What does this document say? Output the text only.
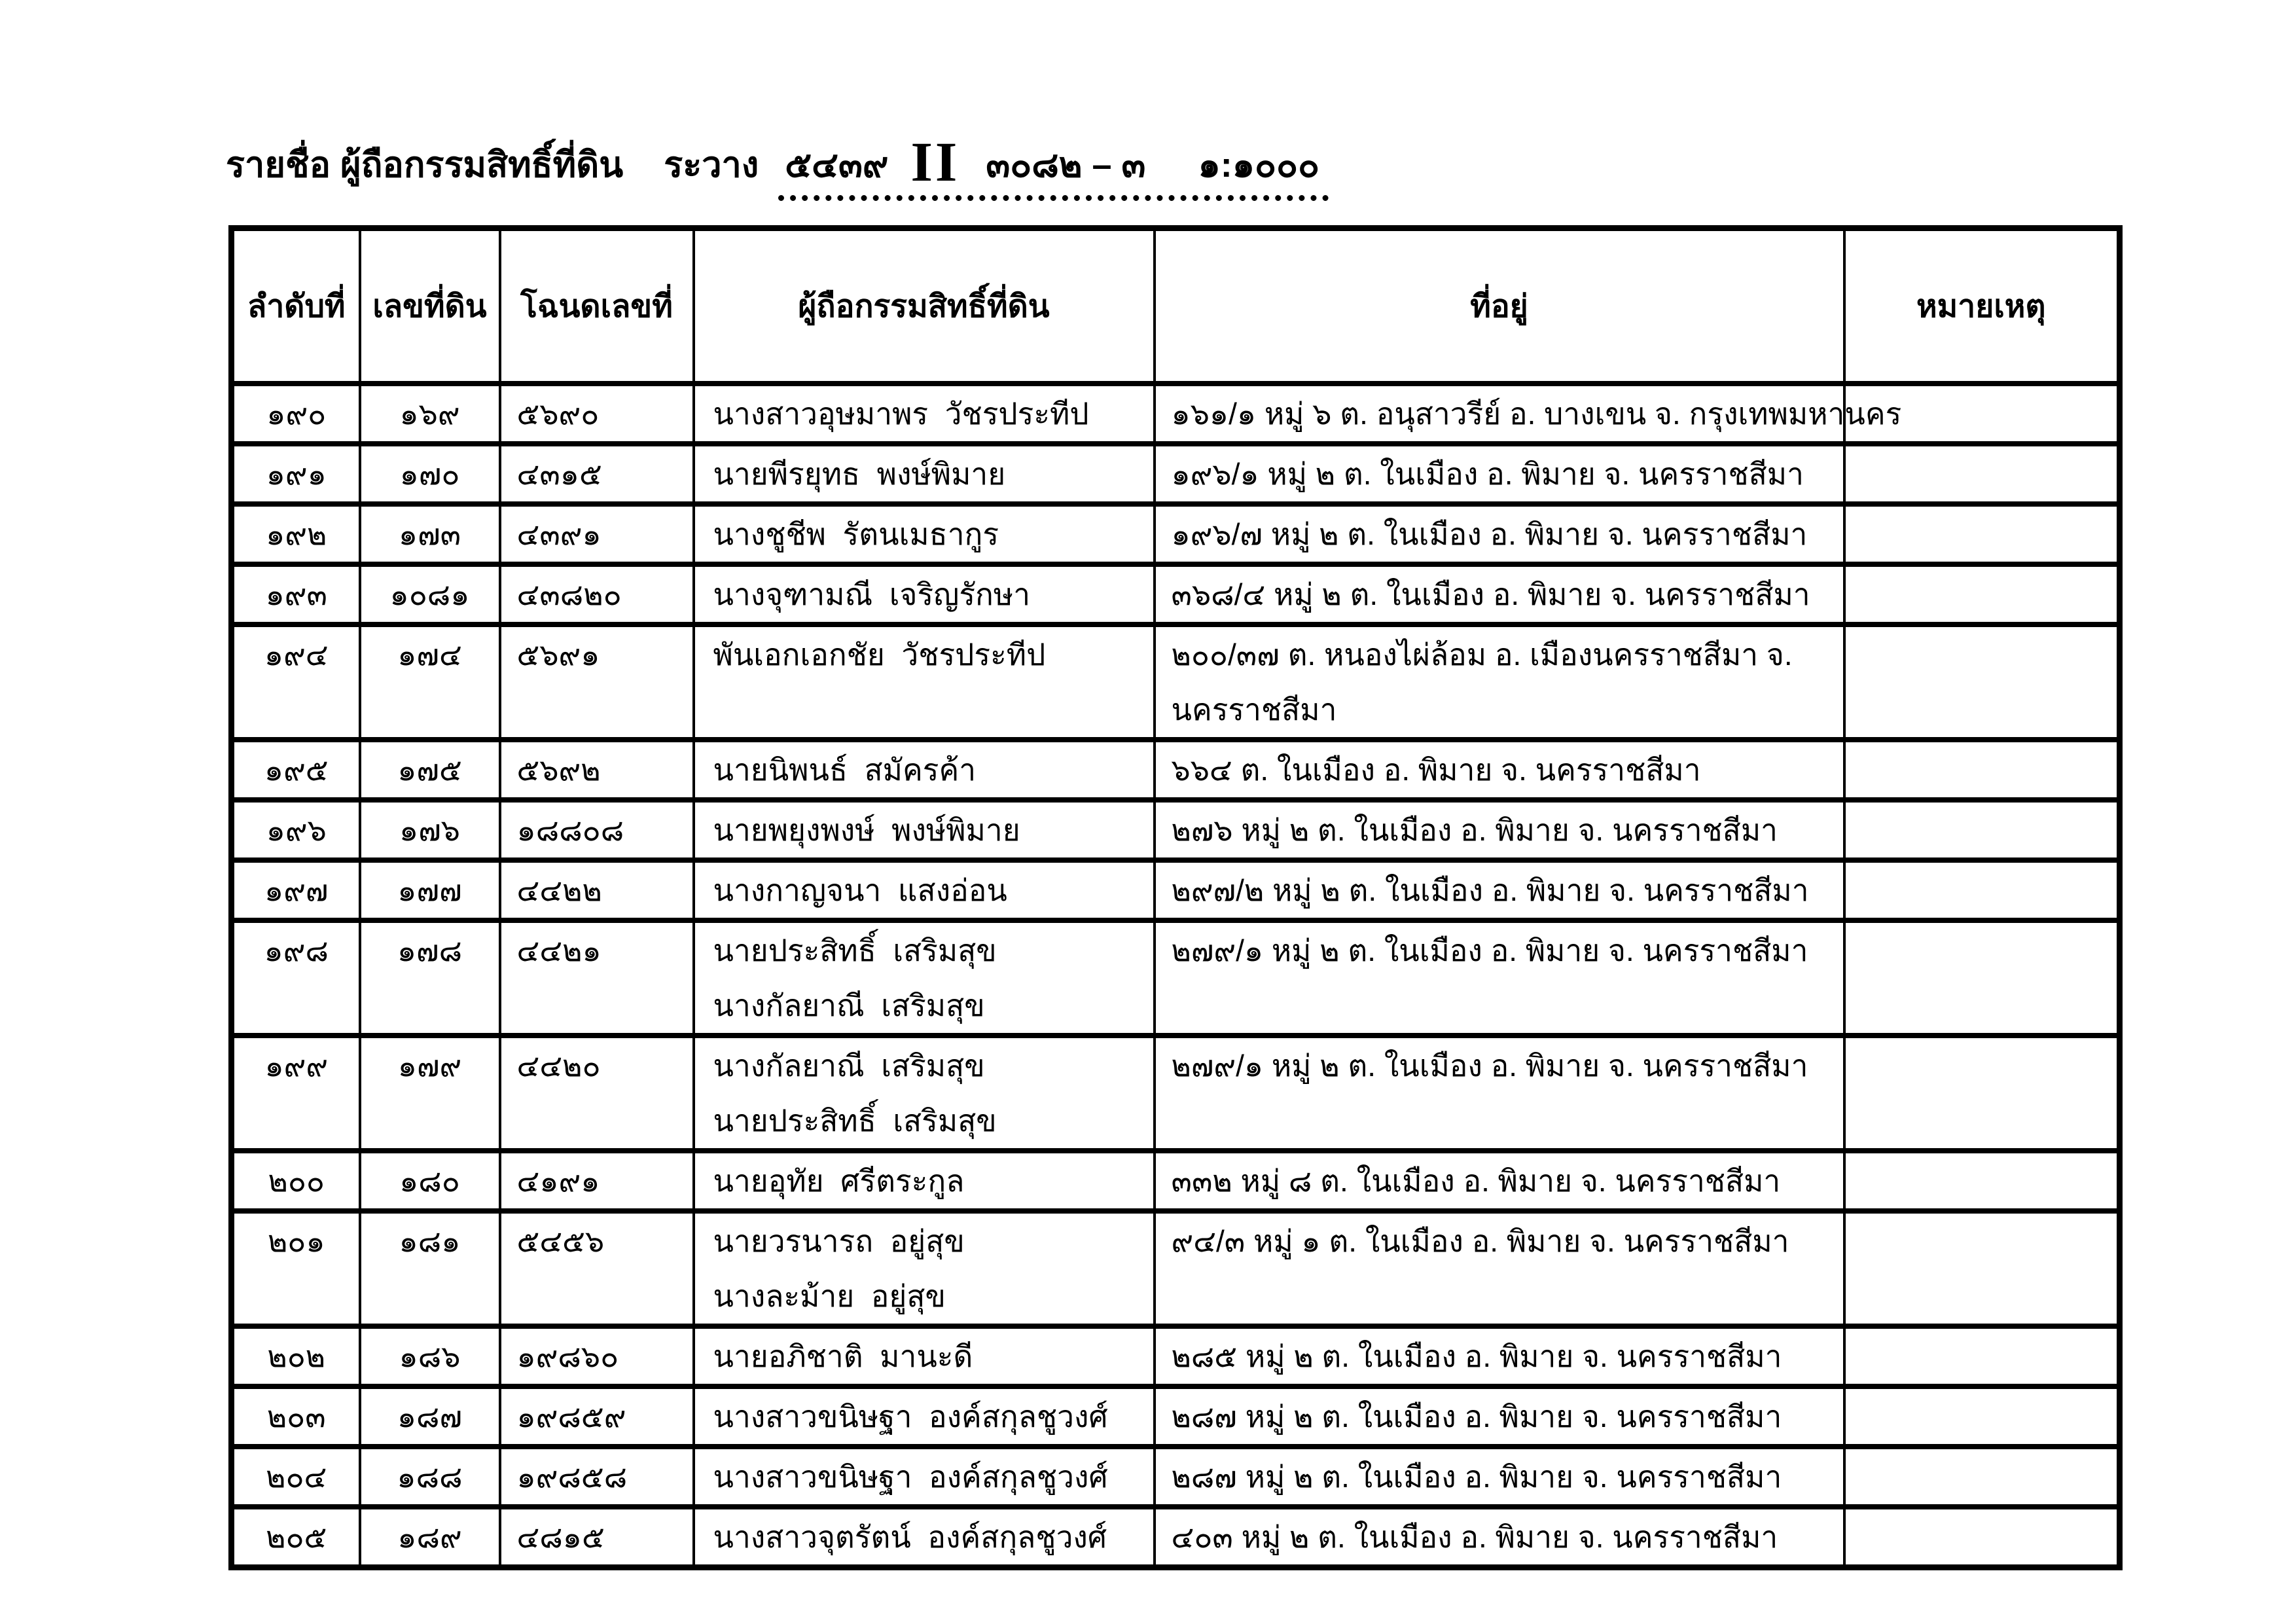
รายชื่อ ผู้ถือกรรมสิทธิ์ที่ดิน ระวาง ๕๔๓๙ II ๓๐๘๒ – ๓ ๑:๑๐๐๐
ลำดับที่	เลขที่ดิน	โฉนดเลขที่	ผู้ถือกรรมสิทธิ์ที่ดิน	ที่อยู่	หมายเหตุ

๑๙๐	๑๖๙	๕๖๙๐	นางสาวอุษมาพร  วัชรประทีป	๑๖๑/๑ หมู่ ๖ ต. อนุสาวรีย์ อ. บางเขน จ. กรุงเทพมหานคร	

๑๙๑	๑๗๐	๔๓๑๕	นายพีรยุทธ  พงษ์พิมาย	๑๙๖/๑ หมู่ ๒ ต. ในเมือง อ. พิมาย จ. นครราชสีมา	

๑๙๒	๑๗๓	๔๓๙๑	นางชูชีพ  รัตนเมธากูร	๑๙๖/๗ หมู่ ๒ ต. ในเมือง อ. พิมาย จ. นครราชสีมา	

๑๙๓	๑๐๘๑	๔๓๘๒๐	นางจุฑามณี  เจริญรักษา	๓๖๘/๔ หมู่ ๒ ต. ในเมือง อ. พิมาย จ. นครราชสีมา	

๑๙๔	๑๗๔	๕๖๙๑	พันเอกเอกชัย  วัชรประทีป	๒๐๐/๓๗ ต. หนองไผ่ล้อม อ. เมืองนครราชสีมา จ.
นครราชสีมา	

๑๙๕	๑๗๕	๕๖๙๒	นายนิพนธ์  สมัครค้า	๖๖๔ ต. ในเมือง อ. พิมาย จ. นครราชสีมา	

๑๙๖	๑๗๖	๑๘๘๐๘	นายพยุงพงษ์  พงษ์พิมาย	๒๗๖ หมู่ ๒ ต. ในเมือง อ. พิมาย จ. นครราชสีมา	

๑๙๗	๑๗๗	๔๔๒๒	นางกาญจนา  แสงอ่อน	๒๙๗/๒ หมู่ ๒ ต. ในเมือง อ. พิมาย จ. นครราชสีมา	

๑๙๘	๑๗๘	๔๔๒๑	นายประสิทธิ์  เสริมสุข
นางกัลยาณี  เสริมสุข	๒๗๙/๑ หมู่ ๒ ต. ในเมือง อ. พิมาย จ. นครราชสีมา	

๑๙๙	๑๗๙	๔๔๒๐	นางกัลยาณี  เสริมสุข
นายประสิทธิ์  เสริมสุข	๒๗๙/๑ หมู่ ๒ ต. ในเมือง อ. พิมาย จ. นครราชสีมา	

๒๐๐	๑๘๐	๔๑๙๑	นายอุทัย  ศรีตระกูล	๓๓๒ หมู่ ๘ ต. ในเมือง อ. พิมาย จ. นครราชสีมา	

๒๐๑	๑๘๑	๕๔๕๖	นายวรนารถ  อยู่สุข
นางละม้าย  อยู่สุข	๙๔/๓ หมู่ ๑ ต. ในเมือง อ. พิมาย จ. นครราชสีมา	

๒๐๒	๑๘๖	๑๙๘๖๐	นายอภิชาติ  มานะดี	๒๘๕ หมู่ ๒ ต. ในเมือง อ. พิมาย จ. นครราชสีมา	

๒๐๓	๑๘๗	๑๙๘๕๙	นางสาวขนิษฐา  องค์สกุลชูวงศ์	๒๘๗ หมู่ ๒ ต. ในเมือง อ. พิมาย จ. นครราชสีมา	

๒๐๔	๑๘๘	๑๙๘๕๘	นางสาวขนิษฐา  องค์สกุลชูวงศ์	๒๘๗ หมู่ ๒ ต. ในเมือง อ. พิมาย จ. นครราชสีมา	

๒๐๕	๑๘๙	๔๘๑๕	นางสาวจุตรัตน์  องค์สกุลชูวงศ์	๔๐๓ หมู่ ๒ ต. ในเมือง อ. พิมาย จ. นครราชสีมา	
